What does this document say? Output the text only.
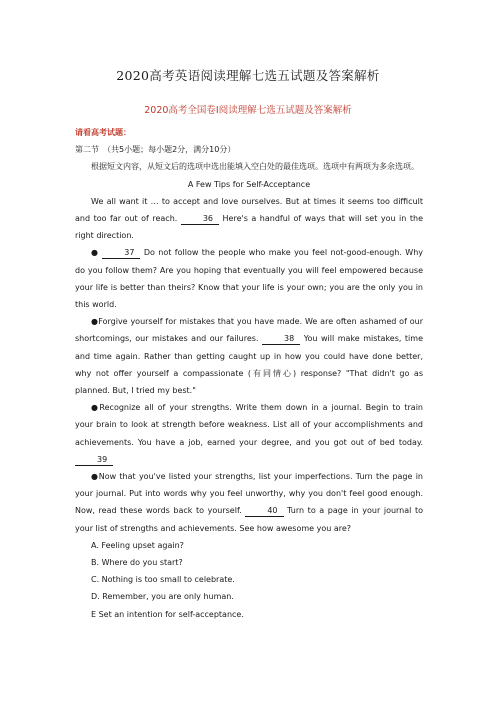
2020高考英语阅读理解七选五试题及答案解析
2020高考全国卷Ⅰ阅读理解七选五试题及答案解析

请看高考试题：

第二节　（共5小题；每小题2分，满分10分）

根据短文内容，从短文后的选项中选出能填入空白处的最佳选项。选项中有两项为多余选项。

A Few Tips for Self-Acceptance

We all want it … to accept and love ourselves. But at times it seems too difficult and too far out of reach.	36 Here's a handful of ways that will set you in the right direction.

●	37 Do not follow the people who make you feel not-good-enough. Why do you follow them? Are you hoping that eventually you will feel empowered because your life is better than theirs? Know that your life is your own; you are the only you in this world.

●Forgive yourself for mistakes that you have made. We are often ashamed of our shortcomings, our mistakes and our failures.	38 You will make mistakes, time and time again. Rather than getting caught up in how you could have done better, why not offer yourself a compassionate (有同情心) response? "That didn't go as planned. But, I tried my best."

●Recognize all of your strengths. Write them down in a journal. Begin to train your brain to look at strength before weakness. List all of your accomplishments and achievements. You have a job, earned your degree, and you got out of bed today. 39

●Now that you've listed your strengths, list your imperfections. Turn the page in your journal. Put into words why you feel unworthy, why you don't feel good enough. Now, read these words back to yourself.	40 Turn to a page in your journal to your list of strengths and achievements. See how awesome you are?

A. Feeling upset again?

B. Where do you start?

C. Nothing is too small to celebrate.

D. Remember, you are only human.

E Set an intention for self-acceptance.
